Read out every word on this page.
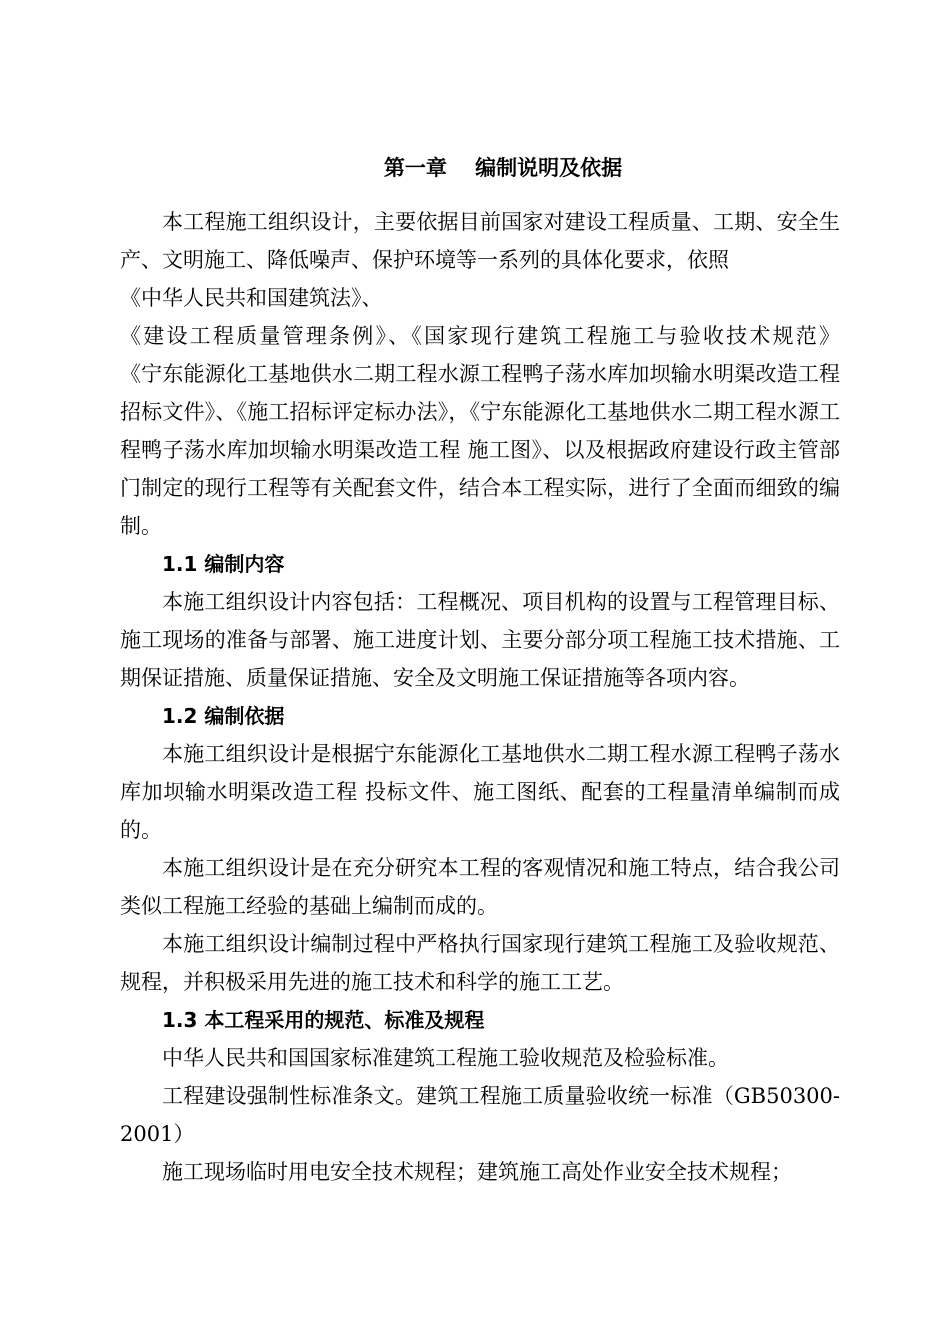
第一章　 编制说明及依据

本工程施工组织设计，主要依据目前国家对建设工程质量、工期、安全生产、文明施工、降低噪声、保护环境等一系列的具体化要求，依照

《中华人民共和国建筑法》、

《建设工程质量管理条例》、《国家现行建筑工程施工与验收技术规范》

《宁东能源化工基地供水二期工程水源工程鸭子荡水库加坝输水明渠改造工程 招标文件》、《施工招标评定标办法》，《宁东能源化工基地供水二期工程水源工程鸭子荡水库加坝输水明渠改造工程 施工图》、以及根据政府建设行政主管部门制定的现行工程等有关配套文件，结合本工程实际，进行了全面而细致的编制。

1.1 编制内容

本施工组织设计内容包括：工程概况、项目机构的设置与工程管理目标、施工现场的准备与部署、施工进度计划、主要分部分项工程施工技术措施、工期保证措施、质量保证措施、安全及文明施工保证措施等各项内容。

1.2 编制依据

本施工组织设计是根据宁东能源化工基地供水二期工程水源工程鸭子荡水库加坝输水明渠改造工程 投标文件、施工图纸、配套的工程量清单编制而成的。

本施工组织设计是在充分研究本工程的客观情况和施工特点，结合我公司类似工程施工经验的基础上编制而成的。

本施工组织设计编制过程中严格执行国家现行建筑工程施工及验收规范、规程，并积极采用先进的施工技术和科学的施工工艺。

1.3 本工程采用的规范、标准及规程

中华人民共和国国家标准建筑工程施工验收规范及检验标准。

工程建设强制性标准条文。建筑工程施工质量验收统一标准（GB50300-2001）

施工现场临时用电安全技术规程；建筑施工高处作业安全技术规程；
